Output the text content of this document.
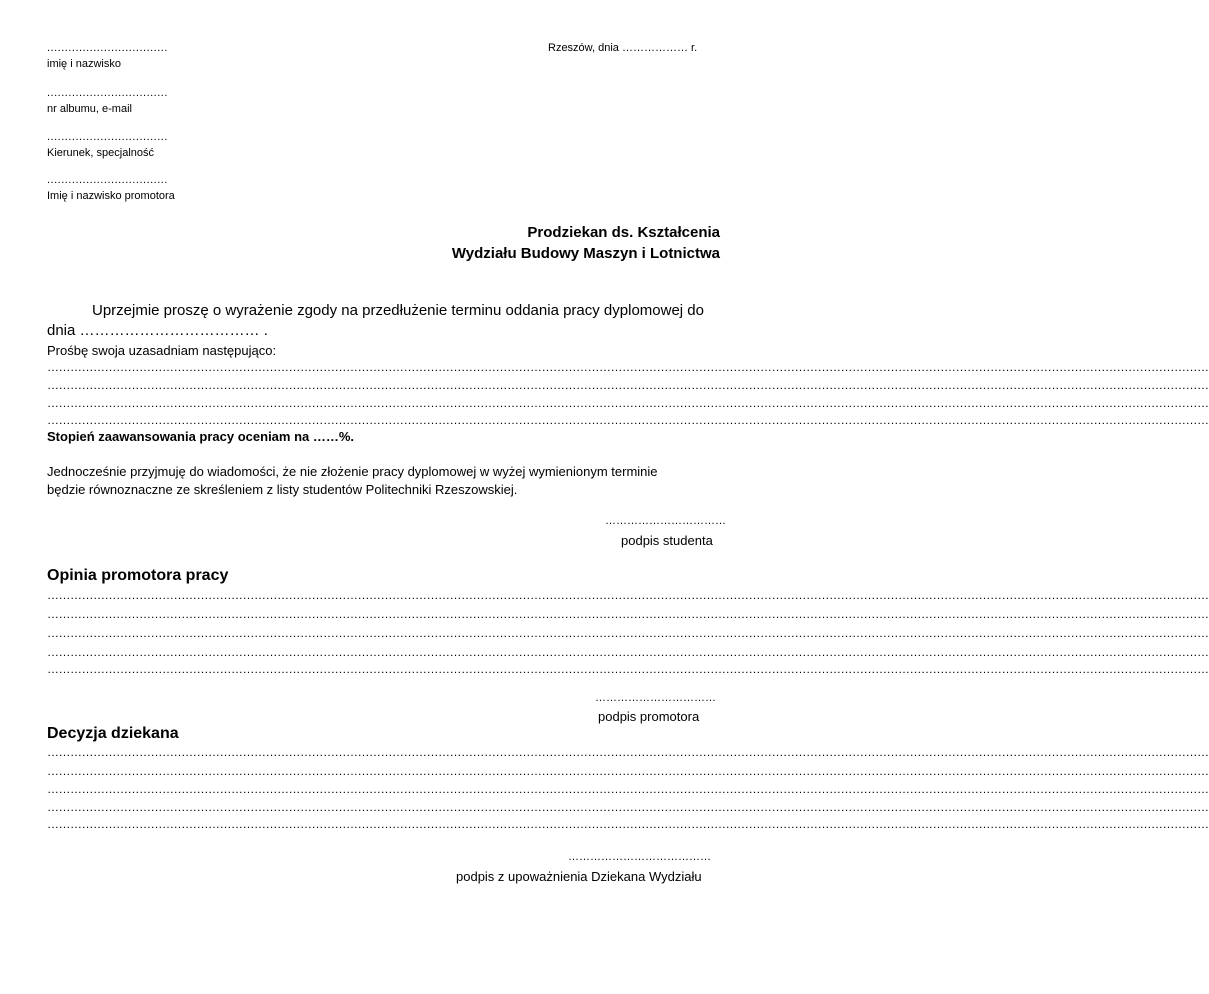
..................................
imię i nazwisko
..................................
nr albumu, e-mail
..................................
Kierunek, specjalność
..................................
Imię i nazwisko promotora
Rzeszów, dnia ……………… r.
Prodziekan ds. Kształcenia
Wydziału Budowy Maszyn i Lotnictwa
Uprzejmie proszę o wyrażenie zgody na przedłużenie terminu oddania pracy dyplomowej do
dnia ……………………………… .
Prośbę swoja uzasadniam następująco:
……………………………………………………………………………………………………………………………………………………………………………………………………………………………………………………………………………
……………………………………………………………………………………………………………………………………………………………………………………………………………………………………………………………………………
……………………………………………………………………………………………………………………………………………………………………………………………………………………………………………………………………………
……………………………………………………………………………………………………………………………………………………………………………………………………………………………………………………………………………
Stopień zaawansowania pracy oceniam na ……%.
Jednocześnie przyjmuję do wiadomości, że nie złożenie pracy dyplomowej w wyżej wymienionym terminie
będzie równoznaczne ze skreśleniem z listy studentów Politechniki Rzeszowskiej.
……………………………
podpis studenta
Opinia promotora pracy
……………………………………………………………………………………………………………………………………………………………………………………………………………………………………………………………………………
……………………………………………………………………………………………………………………………………………………………………………………………………………………………………………………………………………
……………………………………………………………………………………………………………………………………………………………………………………………………………………………………………………………………………
……………………………………………………………………………………………………………………………………………………………………………………………………………………………………………………………………………
……………………………………………………………………………………………………………………………………………………………………………………………………………………………………………………………………………
……………………………
podpis promotora
Decyzja dziekana
……………………………………………………………………………………………………………………………………………………………………………………………………………………………………………………………………………
……………………………………………………………………………………………………………………………………………………………………………………………………………………………………………………………………………
……………………………………………………………………………………………………………………………………………………………………………………………………………………………………………………………………………
……………………………………………………………………………………………………………………………………………………………………………………………………………………………………………………………………………
……………………………………………………………………………………………………………………………………………………………………………………………………………………………………………………………………………
…………………………………
podpis z upoważnienia Dziekana Wydziału
